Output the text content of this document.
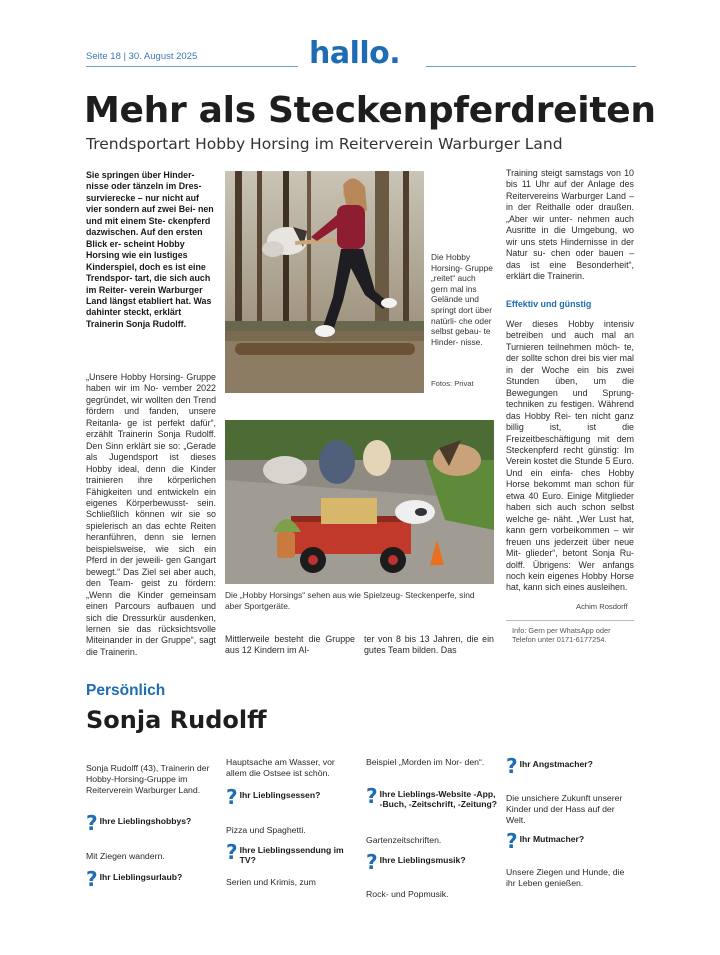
Seite 18 | 30. August 2025	hallo.
Mehr als Steckenpferdreiten
Trendsportart Hobby Horsing im Reiterverein Warburger Land
Sie springen über Hinder- nisse oder tänzeln im Dres- survierecke – nur nicht auf vier sondern auf zwei Bei- nen und mit einem Ste- ckenpferd dazwischen. Auf den ersten Blick er- scheint Hobby Horsing wie ein lustiges Kinderspiel, doch es ist eine Trendspor- tart, die sich auch im Reiter- verein Warburger Land längst etabliert hat. Was dahinter steckt, erklärt Trainerin Sonja Rudolff.
„Unsere Hobby Horsing- Gruppe haben wir im No- vember 2022 gegründet, wir wollten den Trend fördern und fanden, unsere Reitanla- ge ist perfekt dafür“, erzählt Trainerin Sonja Rudolff. Den Sinn erklärt sie so: „Gerade als Jugendsport ist dieses Hobby ideal, denn die Kinder trainieren ihre körperlichen Fähigkeiten und entwickeln ein eigenes Körperbewusst- sein. Schließlich können wir sie so spielerisch an das echte Reiten heranführen, denn sie lernen beispielsweise, wie sich ein Pferd in der jeweili- gen Gangart bewegt.“ Das Ziel sei aber auch, den Team- geist zu fördern: „Wenn die Kinder gemeinsam einen Parcours aufbauen und sich die Dressurkür ausdenken, lernen sie das rücksichtsvolle Miteinander in der Gruppe“, sagt die Trainerin.
Die Hobby Horsing- Gruppe „reitet“ auch gern mal ins Gelände und springt dort über natürli- che oder selbst gebau- te Hinder- nisse.
Fotos: Privat
Die „Hobby Horsings“ sehen aus wie Spielzeug- Steckenperfe, sind aber Sportgeräte.
Mittlerweile besteht die Gruppe aus 12 Kindern im Al-
ter von 8 bis 13 Jahren, die ein gutes Team bilden. Das
Training steigt samstags von 10 bis 11 Uhr auf der Anlage des Reitervereins Warburger Land – in der Reithalle oder draußen. „Aber wir unter- nehmen auch Ausritte in die Umgebung, wo wir uns stets Hindernisse in der Natur su- chen oder bauen – das ist eine Besonderheit“, erklärt die Trainerin.
Effektiv und günstig
Wer dieses Hobby intensiv betreiben und auch mal an Turnieren teilnehmen möch- te, der sollte schon drei bis vier mal in der Woche ein bis zwei Stunden üben, um die Bewegungen und Sprung- techniken zu festigen. Während das Hobby Rei- ten nicht ganz billig ist, ist die Freizeitbeschäftigung mit dem Steckenpferd recht günstig: Im Verein kostet die Stunde 5 Euro. Und ein einfa- ches Hobby Horse bekommt man schon für etwa 40 Euro. Einige Mitglieder haben sich auch schon selbst welche ge- näht. „Wer Lust hat, kann gern vorbeikommen – wir freuen uns jederzeit über neue Mit- glieder“, betont Sonja Ru- dolff. Übrigens: Wer anfangs noch kein eigenes Hobby Horse hat, kann sich eines ausleihen.
Achim Rosdorff
Info: Gern per WhatsApp oder Telefon unter 0171-6177254.
Persönlich
Sonja Rudolff
Sonja Rudolff (43), Trainerin der Hobby-Horsing-Gruppe im Reiterverein Warburger Land.
? Ihre Lieblingshobbys?
Mit Ziegen wandern.
? Ihr Lieblingsurlaub?
Hauptsache am Wasser, vor allem die Ostsee ist schön.
? Ihr Lieblingsessen?
Pizza und Spaghetti.
? Ihre Lieblingssendung im TV?
Serien und Krimis, zum
Beispiel „Morden im Nor- den“.
? Ihre Lieblings-Website -App, -Buch, -Zeitschrift, -Zeitung?
Gartenzeitschriften.
? Ihre Lieblingsmusik?
Rock- und Popmusik.
? Ihr Angstmacher?
Die unsichere Zukunft unserer Kinder und der Hass auf der Welt.
? Ihr Mutmacher?
Unsere Ziegen und Hunde, die ihr Leben genießen.
